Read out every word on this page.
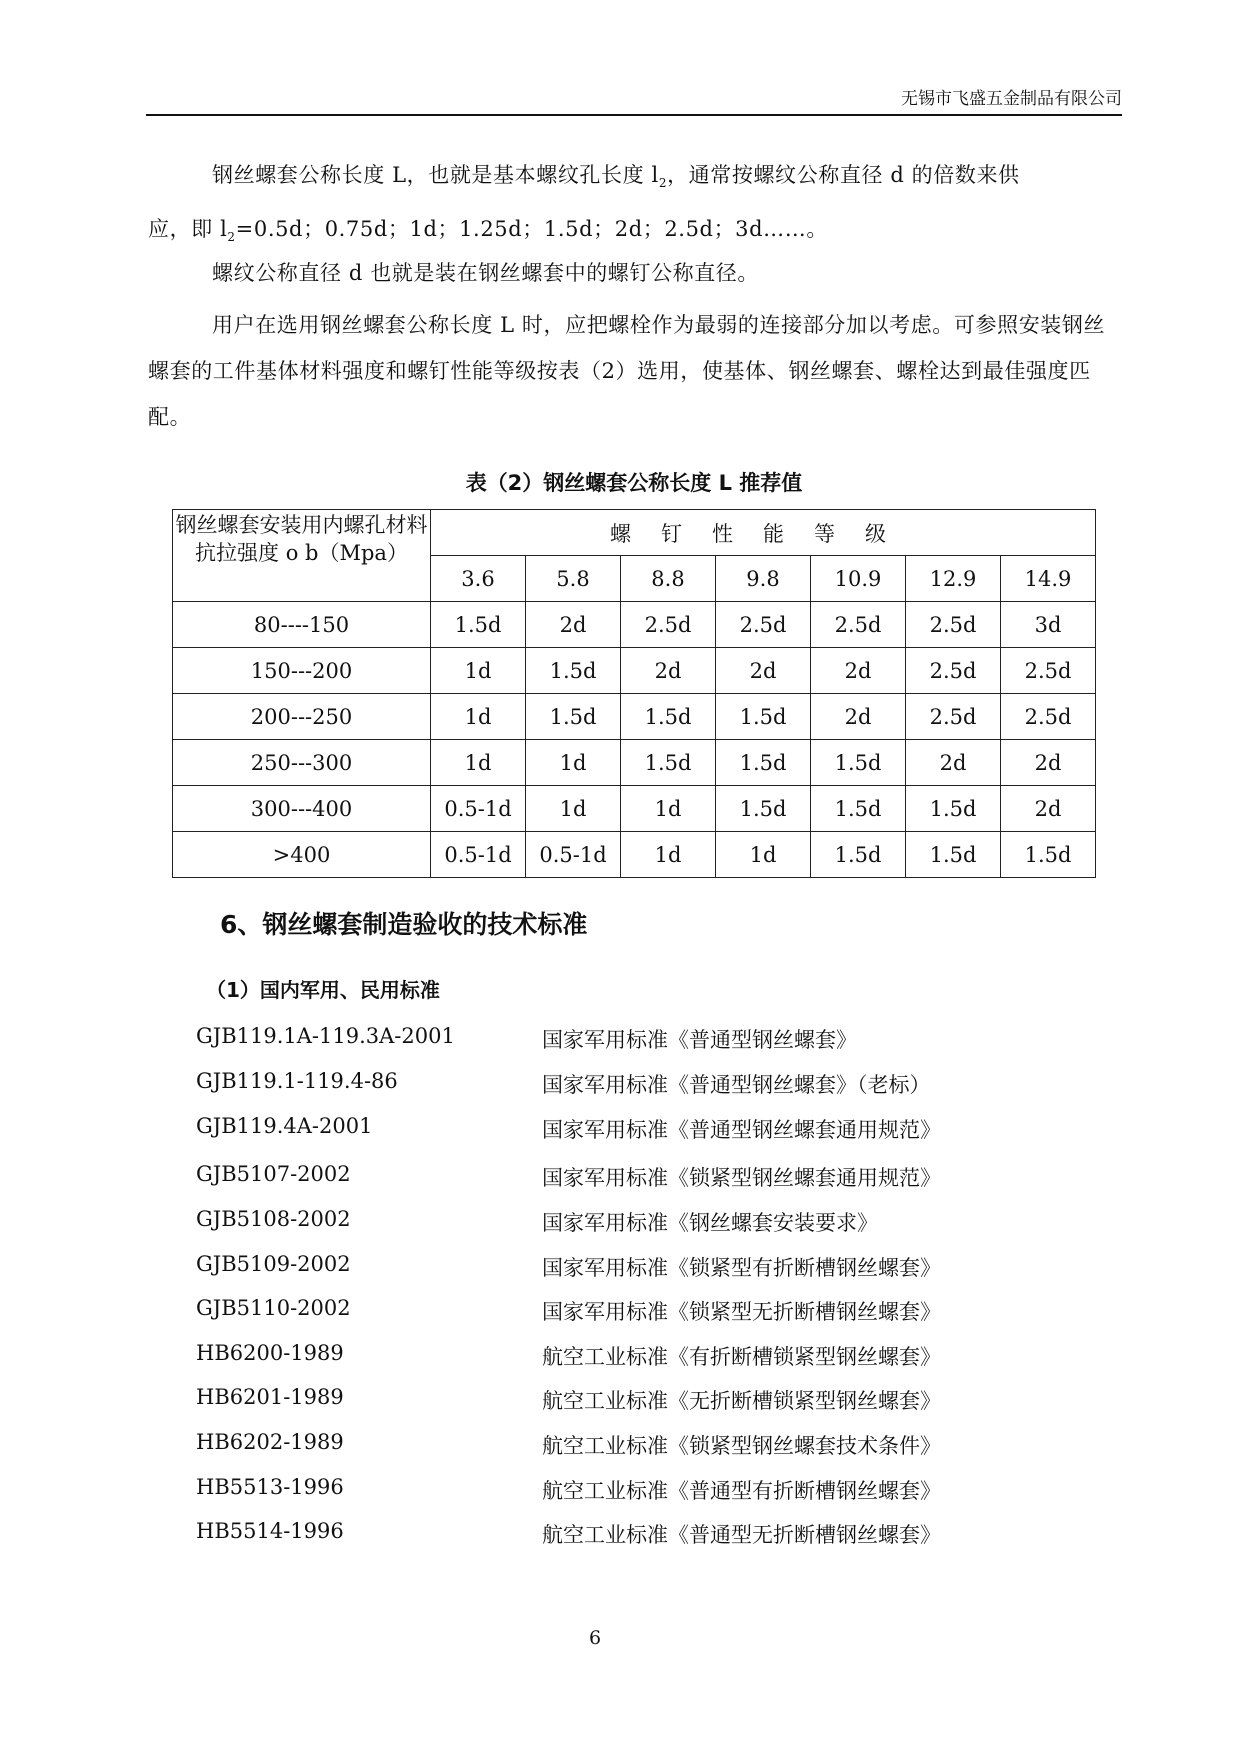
无锡市飞盛五金制品有限公司

钢丝螺套公称长度 L，也就是基本螺纹孔长度 $l_2$，通常按螺纹公称直径 d 的倍数来供

应，即 $l_2=0.5d$；0.75d；1d；1.25d；1.5d；2d；2.5d；3d……。

螺纹公称直径 d 也就是装在钢丝螺套中的螺钉公称直径。
用户在选用钢丝螺套公称长度 L 时，应把螺栓作为最弱的连接部分加以考虑。可参照安装钢丝螺套的工件基体材料强度和螺钉性能等级按表（2）选用，使基体、钢丝螺套、螺栓达到最佳强度匹配。
表（2）钢丝螺套公称长度 L 推荐值
钢丝螺套安装用内螺孔材料抗拉强度 ο b（Mpa）	螺钉性能等级						
	3.6	5.8	8.8	9.8	10.9	12.9	14.9
80----150	1.5d	2d	2.5d	2.5d	2.5d	2.5d	3d
150---200	1d	1.5d	2d	2d	2d	2.5d	2.5d
200---250	1d	1.5d	1.5d	1.5d	2d	2.5d	2.5d
250---300	1d	1d	1.5d	1.5d	1.5d	2d	2d
300---400	0.5-1d	1d	1d	1.5d	1.5d	1.5d	2d
>400	0.5-1d	0.5-1d	1d	1d	1.5d	1.5d	1.5d
6、钢丝螺套制造验收的技术标准
（1）国内军用、民用标准
GJB119.1A-119.3A-2001	国家军用标准《普通型钢丝螺套》
GJB119.1-119.4-86	国家军用标准《普通型钢丝螺套》（老标）
GJB119.4A-2001	国家军用标准《普通型钢丝螺套通用规范》
GJB5107-2002	国家军用标准《锁紧型钢丝螺套通用规范》
GJB5108-2002	国家军用标准《钢丝螺套安装要求》
GJB5109-2002	国家军用标准《锁紧型有折断槽钢丝螺套》
GJB5110-2002	国家军用标准《锁紧型无折断槽钢丝螺套》
HB6200-1989	航空工业标准《有折断槽锁紧型钢丝螺套》
HB6201-1989	航空工业标准《无折断槽锁紧型钢丝螺套》
HB6202-1989	航空工业标准《锁紧型钢丝螺套技术条件》
HB5513-1996	航空工业标准《普通型有折断槽钢丝螺套》
HB5514-1996	航空工业标准《普通型无折断槽钢丝螺套》
6
